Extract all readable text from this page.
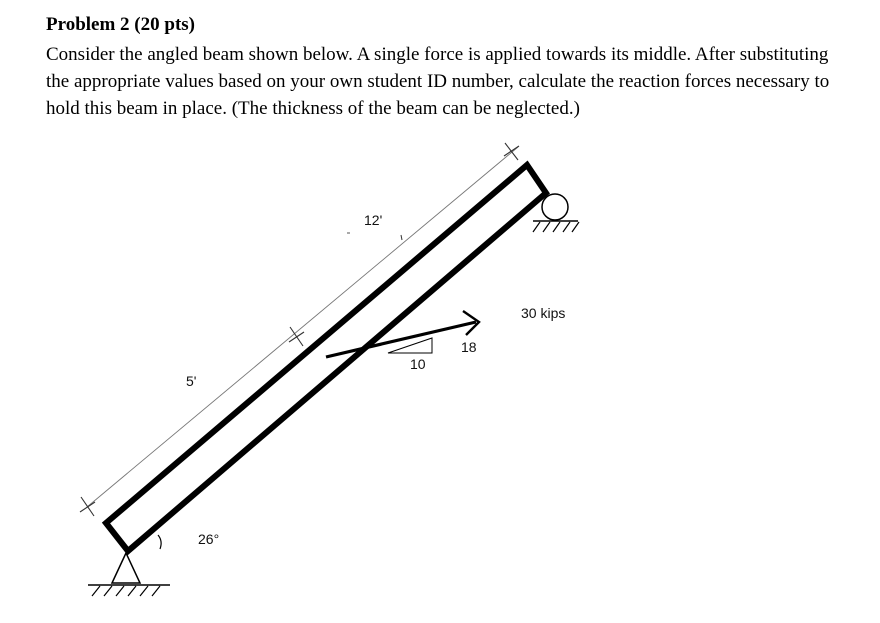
Problem 2 (20 pts)

Consider the angled beam shown below. A single force is applied towards its middle. After substituting the appropriate values based on your own student ID number, calculate the reaction forces necessary to hold this beam in place. (The thickness of the beam can be neglected.)

12'
5'
26°
30 kips
10
18
